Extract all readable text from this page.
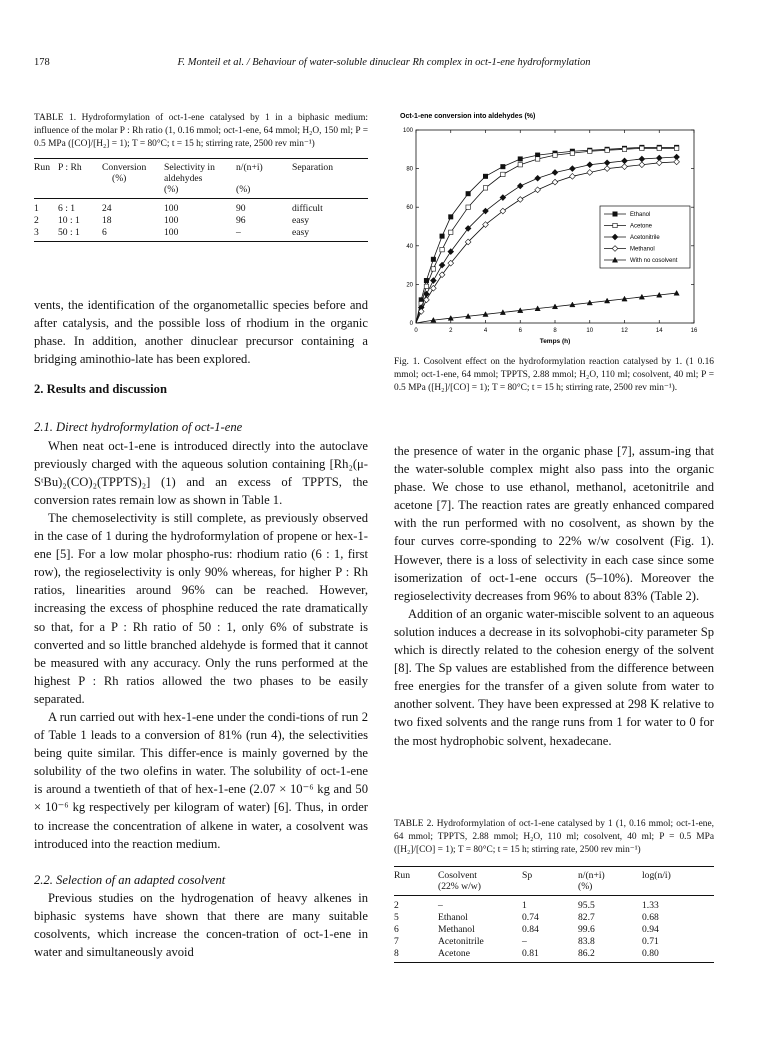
178	F. Monteil et al. / Behaviour of water-soluble dinuclear Rh complex in oct-1-ene hydroformylation
TABLE 1. Hydroformylation of oct-1-ene catalysed by 1 in a biphasic medium: influence of the molar P : Rh ratio (1, 0.16 mmol; oct-1-ene, 64 mmol; H₂O, 150 ml; P = 0.5 MPa ([CO]/[H₂] = 1); T = 80°C; t = 15 h; stirring rate, 2500 rev min⁻¹)
Run	P : Rh	Conversion	Selectivity in	n/(n+i)	Separation
		(%)	aldehydes		
			(%)	(%)	
1	6 : 1	24	100	90	difficult
2	10 : 1	18	100	96	easy
3	50 : 1	6	100	–	easy

vents, the identification of the organometallic species before and after catalysis, and the possible loss of rhodium in the organic phase. In addition, another dinuclear precursor containing a bridging aminothio-late has been explored.

2. Results and discussion
2.1. Direct hydroformylation of oct-1-ene

When neat oct-1-ene is introduced directly into the autoclave previously charged with the aqueous solution containing [Rh₂(μ-SᵗBu)₂(CO)₂(TPPTS)₂] (1) and an excess of TPPTS, the conversion rates remain low as shown in Table 1.

The chemoselectivity is still complete, as previously observed in the case of 1 during the hydroformylation of propene or hex-1-ene [5]. For a low molar phospho-rus: rhodium ratio (6 : 1, first row), the regioselectivity is only 90% whereas, for higher P : Rh ratios, linearities around 96% can be reached. However, increasing the excess of phosphine reduced the rate dramatically so that, for a P : Rh ratio of 50 : 1, only 6% of substrate is converted and so little branched aldehyde is formed that it cannot be measured with any accuracy. Only the runs performed at the highest P : Rh ratios allowed the two phases to be easily separated.

A run carried out with hex-1-ene under the condi-tions of run 2 of Table 1 leads to a conversion of 81% (run 4), the selectivities being quite similar. This differ-ence is mainly governed by the solubility of the two olefins in water. The solubility of oct-1-ene is around a twentieth of that of hex-1-ene (2.07 × 10⁻⁶ kg and 50 × 10⁻⁶ kg respectively per kilogram of water) [6]. Thus, in order to increase the concentration of alkene in water, a cosolvent was introduced into the reaction medium.

2.2. Selection of an adapted cosolvent

Previous studies on the hydrogenation of heavy alkenes in biphasic systems have shown that there are many suitable cosolvents, which increase the concen-tration of oct-1-ene in water and simultaneously avoid

Oct-1-ene conversion into aldehydes (%)
0	2	4	6	8	10	12	14	16
0
20
40
60
80
100
Temps (h)
Ethanol
Acetone
Acetonitrile
Methanol
With no cosolvent
Fig. 1. Cosolvent effect on the hydroformylation reaction catalysed by 1. (1 0.16 mmol; oct-1-ene, 64 mmol; TPPTS, 2.88 mmol; H₂O, 110 ml; cosolvent, 40 ml; P = 0.5 MPa ([H₂]/[CO] = 1); T = 80°C; t = 15 h; stirring rate, 2500 rev min⁻¹).

the presence of water in the organic phase [7], assum-ing that the water-soluble complex might also pass into the organic phase. We chose to use ethanol, methanol, acetonitrile and acetone [7]. The reaction rates are greatly enhanced compared with the run performed with no cosolvent, as shown by the four curves corre-sponding to 22% w/w cosolvent (Fig. 1). However, there is a loss of selectivity in each case since some isomerization of oct-1-ene occurs (5–10%). Moreover the regioselectivity decreases from 96% to about 83% (Table 2).

Addition of an organic water-miscible solvent to an aqueous solution induces a decrease in its solvophobi-city parameter Sp which is directly related to the cohesion energy of the solvent [8]. The Sp values are established from the difference between free energies for the transfer of a given solute from water to another solvent. They have been expressed at 298 K relative to two fixed solvents and the range runs from 1 for water to 0 for the most hydrophobic solvent, hexadecane.

TABLE 2. Hydroformylation of oct-1-ene catalysed by 1 (1, 0.16 mmol; oct-1-ene, 64 mmol; TPPTS, 2.88 mmol; H₂O, 110 ml; cosolvent, 40 ml; P = 0.5 MPa ([H₂]/[CO] = 1); T = 80°C; t = 15 h; stirring rate, 2500 rev min⁻¹)
Run	Cosolvent	Sp	n/(n+i)	log(n/i)
	(22% w/w)		(%)	
2	–	1	95.5	1.33
5	Ethanol	0.74	82.7	0.68
6	Methanol	0.84	99.6	0.94
7	Acetonitrile	–	83.8	0.71
8	Acetone	0.81	86.2	0.80
